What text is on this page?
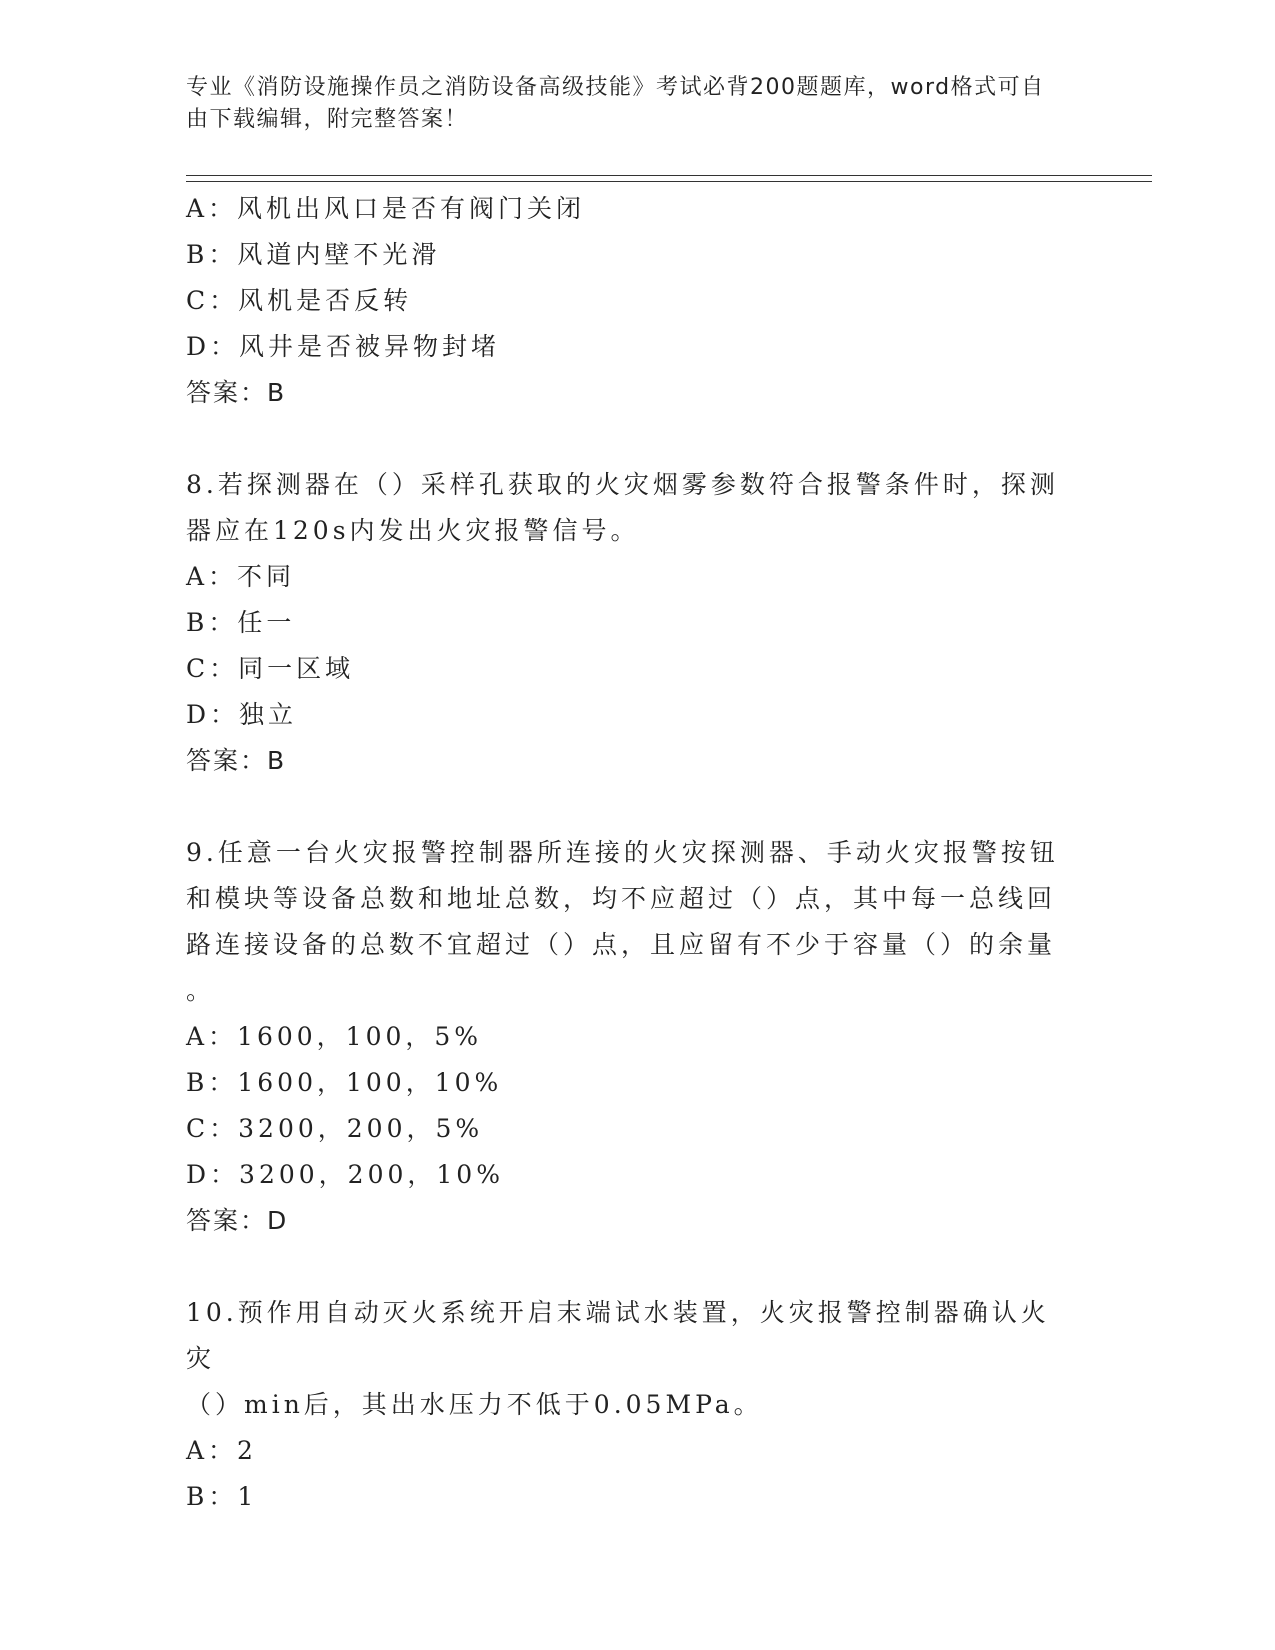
专业《消防设施操作员之消防设备高级技能》考试必背200题题库，word格式可自由下载编辑，附完整答案！
A：风机出风口是否有阀门关闭
B：风道内壁不光滑
C：风机是否反转
D：风井是否被异物封堵
答案：B
8.若探测器在（）采样孔获取的火灾烟雾参数符合报警条件时，探测
器应在120s内发出火灾报警信号。
A：不同
B：任一
C：同一区域
D：独立
答案：B
9.任意一台火灾报警控制器所连接的火灾探测器、手动火灾报警按钮
和模块等设备总数和地址总数，均不应超过（）点，其中每一总线回
路连接设备的总数不宜超过（）点，且应留有不少于容量（）的余量
。
A：1600，100，5%
B：1600，100，10%
C：3200，200，5%
D：3200，200，10%
答案：D
10.预作用自动灭火系统开启末端试水装置，火灾报警控制器确认火灾
（）min后，其出水压力不低于0.05MPa。
A：2
B：1
